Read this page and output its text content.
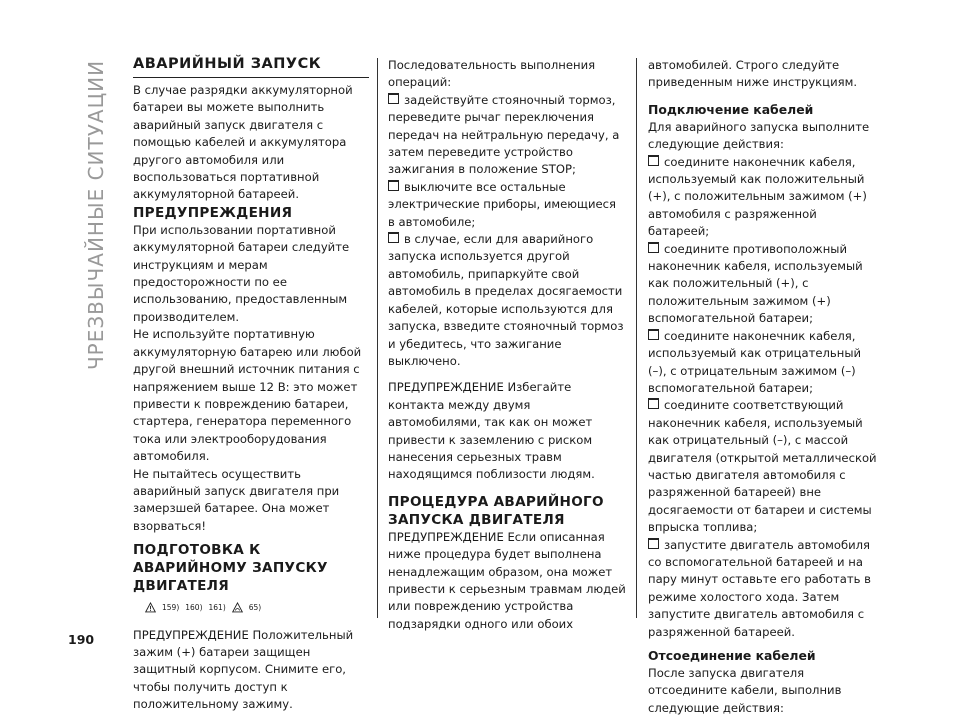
ЧРЕЗВЫЧАЙНЫЕ СИТУАЦИИ АВАРИЙНЫЙ ЗАПУСК

В случае разрядки аккумуляторной батареи вы можете выполнить аварийный запуск двигателя с помощью кабелей и аккумулятора другого автомобиля или воспользоваться портативной аккумуляторной батареей.

ПРЕДУПРЕЖДЕНИЯ

При использовании портативной аккумуляторной батареи следуйте инструкциям и мерам предосторожности по ее использованию, предоставленным производителем.

Не используйте портативную аккумуляторную батарею или любой другой внешний источник питания с напряжением выше 12 В: это может привести к повреждению батареи, стартера, генератора переменного тока или электрооборудования автомобиля.

Не пытайтесь осуществить аварийный запуск двигателя при замерзшей батарее. Она может взорваться!

ПОДГОТОВКА К АВАРИЙНОМУ ЗАПУСКУ ДВИГАТЕЛЯ
159) 160) 161)	65)

ПРЕДУПРЕЖДЕНИЕ Положительный зажим (+) батареи защищен защитный корпусом. Снимите его, чтобы получить доступ к положительному зажиму.

Последовательность выполнения операций:

задействуйте стояночный тормоз, переведите рычаг переключения передач на нейтральную передачу, а затем переведите устройство зажигания в положение STOP;

выключите все остальные электрические приборы, имеющиеся в автомобиле;

в случае, если для аварийного запуска используется другой автомобиль, припаркуйте свой автомобиль в пределах досягаемости кабелей, которые используются для запуска, взведите стояночный тормоз и убедитесь, что зажигание выключено.

ПРЕДУПРЕЖДЕНИЕ Избегайте контакта между двумя автомобилями, так как он может привести к заземлению с риском нанесения серьезных травм находящимся поблизости людям.

ПРОЦЕДУРА АВАРИЙНОГО ЗАПУСКА ДВИГАТЕЛЯ

ПРЕДУПРЕЖДЕНИЕ Если описанная ниже процедура будет выполнена ненадлежащим образом, она может привести к серьезным травмам людей или повреждению устройства подзарядки одного или обоих

автомобилей. Строго следуйте приведенным ниже инструкциям.

Подключение кабелей

Для аварийного запуска выполните следующие действия:

соедините наконечник кабеля, используемый как положительный (+), с положительным зажимом (+) автомобиля с разряженной батареей;

соедините противоположный наконечник кабеля, используемый как положительный (+), с положительным зажимом (+) вспомогательной батареи;

соедините наконечник кабеля, используемый как отрицательный (–), с отрицательным зажимом (–) вспомогательной батареи;

соедините соответствующий наконечник кабеля, используемый как отрицательный (–), с массой двигателя (открытой металлической частью двигателя автомобиля с разряженной батареей) вне досягаемости от батареи и системы впрыска топлива;

запустите двигатель автомобиля со вспомогательной батареей и на пару минут оставьте его работать в режиме холостого хода. Затем запустите двигатель автомобиля с разряженной батареей.

Отсоединение кабелей

После запуска двигателя отсоедините кабели, выполнив следующие действия:

190
